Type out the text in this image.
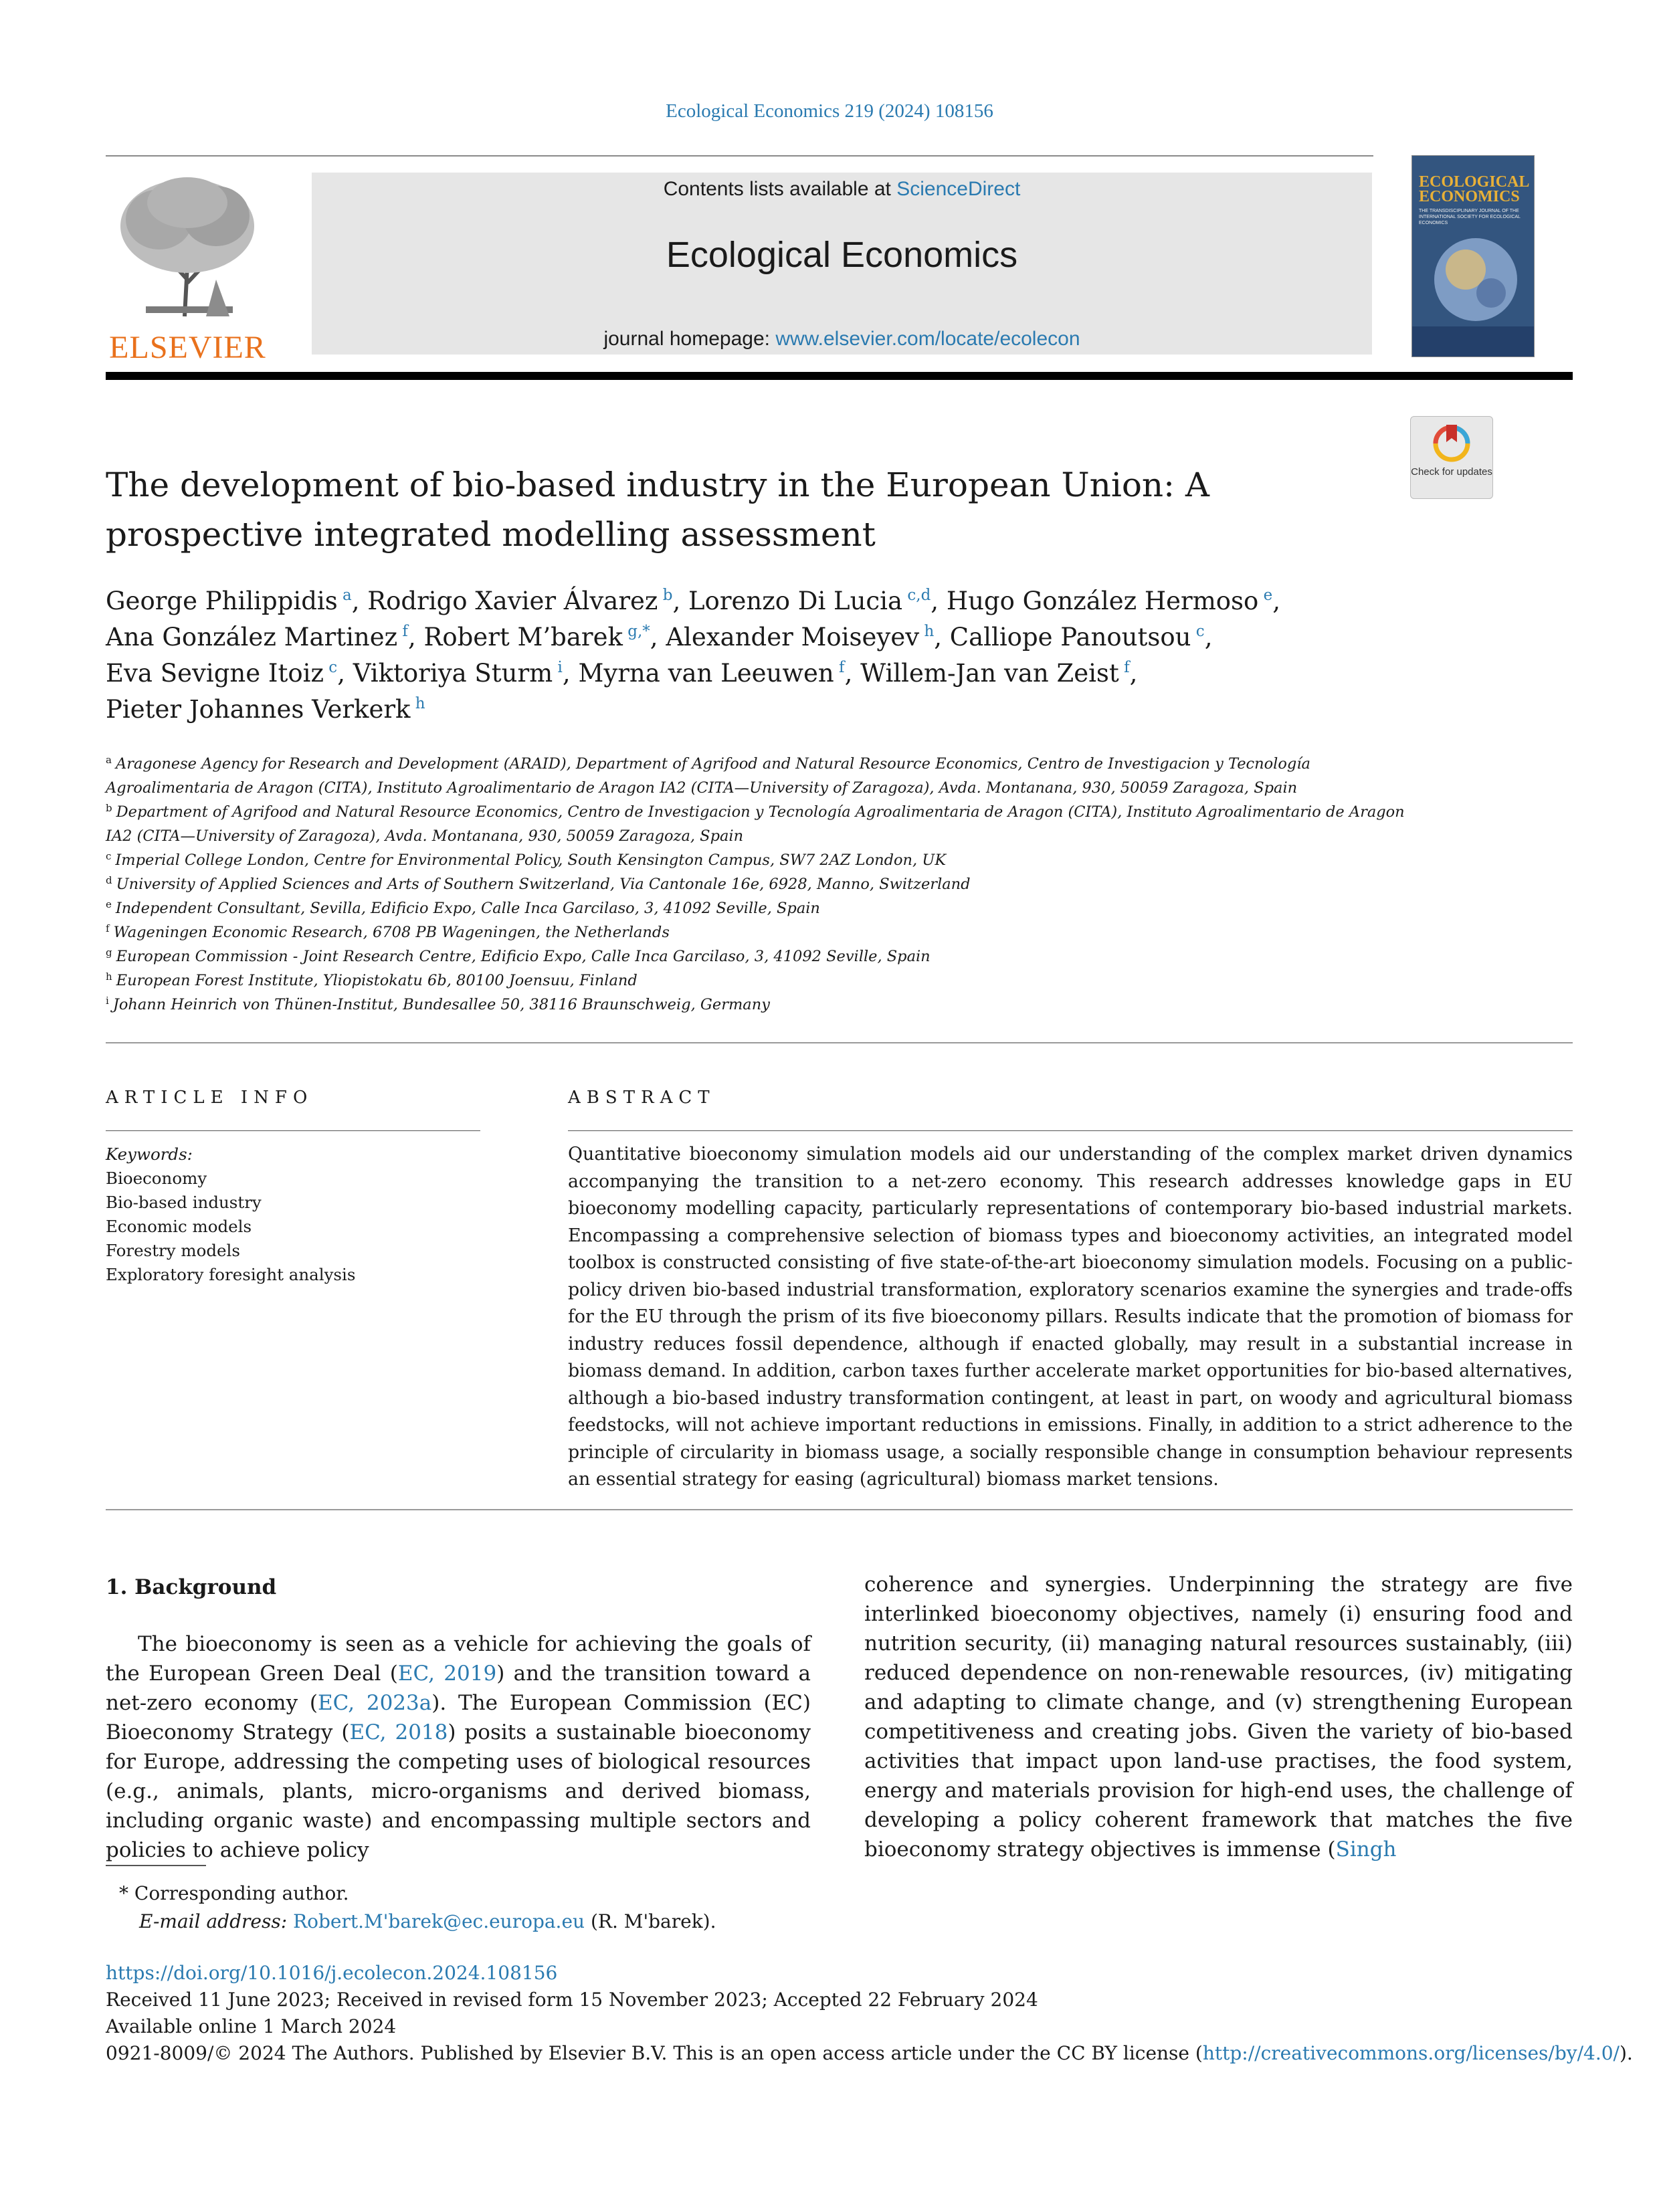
Ecological Economics 219 (2024) 108156
ELSEVIER
Contents lists available at ScienceDirect
Ecological Economics
journal homepage: www.elsevier.com/locate/ecolecon
ECOLOGICAL
ECONOMICS
THE TRANSDISCIPLINARY JOURNAL OF THE INTERNATIONAL SOCIETY FOR ECOLOGICAL ECONOMICS
Check for updates
The development of bio-based industry in the European Union: A prospective integrated modelling assessment
George Philippidis $^a$, Rodrigo Xavier Álvarez $^b$, Lorenzo Di Lucia $^{c,d}$, Hugo González Hermoso $^e$,
Ana González Martinez $^f$, Robert M’barek $^{g,*}$, Alexander Moiseyev $^h$, Calliope Panoutsou $^c$,
Eva Sevigne Itoiz $^c$, Viktoriya Sturm $^i$, Myrna van Leeuwen $^f$, Willem-Jan van Zeist $^f$,
Pieter Johannes Verkerk $^h$
$^a$ Aragonese Agency for Research and Development (ARAID), Department of Agrifood and Natural Resource Economics, Centro de Investigacion y Tecnología
Agroalimentaria de Aragon (CITA), Instituto Agroalimentario de Aragon IA2 (CITA—University of Zaragoza), Avda. Montanana, 930, 50059 Zaragoza, Spain
$^b$ Department of Agrifood and Natural Resource Economics, Centro de Investigacion y Tecnología Agroalimentaria de Aragon (CITA), Instituto Agroalimentario de Aragon
IA2 (CITA—University of Zaragoza), Avda. Montanana, 930, 50059 Zaragoza, Spain
$^c$ Imperial College London, Centre for Environmental Policy, South Kensington Campus, SW7 2AZ London, UK
$^d$ University of Applied Sciences and Arts of Southern Switzerland, Via Cantonale 16e, 6928, Manno, Switzerland
$^e$ Independent Consultant, Sevilla, Edificio Expo, Calle Inca Garcilaso, 3, 41092 Seville, Spain
$^f$ Wageningen Economic Research, 6708 PB Wageningen, the Netherlands
$^g$ European Commission - Joint Research Centre, Edificio Expo, Calle Inca Garcilaso, 3, 41092 Seville, Spain
$^h$ European Forest Institute, Yliopistokatu 6b, 80100 Joensuu, Finland
$^i$ Johann Heinrich von Thünen-Institut, Bundesallee 50, 38116 Braunschweig, Germany
ARTICLE INFO
Keywords:
Bioeconomy
Bio-based industry
Economic models
Forestry models
Exploratory foresight analysis
ABSTRACT
Quantitative bioeconomy simulation models aid our understanding of the complex market driven dynamics accompanying the transition to a net-zero economy. This research addresses knowledge gaps in EU bioeconomy modelling capacity, particularly representations of contemporary bio-based industrial markets. Encompassing a comprehensive selection of biomass types and bioeconomy activities, an integrated model toolbox is constructed consisting of five state-of-the-art bioeconomy simulation models. Focusing on a public-policy driven bio-based industrial transformation, exploratory scenarios examine the synergies and trade-offs for the EU through the prism of its five bioeconomy pillars. Results indicate that the promotion of biomass for industry reduces fossil dependence, although if enacted globally, may result in a substantial increase in biomass demand. In addition, carbon taxes further accelerate market opportunities for bio-based alternatives, although a bio-based industry transformation contingent, at least in part, on woody and agricultural biomass feedstocks, will not achieve important reductions in emissions. Finally, in addition to a strict adherence to the principle of circularity in biomass usage, a socially responsible change in consumption behaviour represents an essential strategy for easing (agricultural) biomass market tensions.
1. Background
The bioeconomy is seen as a vehicle for achieving the goals of the European Green Deal (EC, 2019) and the transition toward a net-zero economy (EC, 2023a). The European Commission (EC) Bioeconomy Strategy (EC, 2018) posits a sustainable bioeconomy for Europe, addressing the competing uses of biological resources (e.g., animals, plants, micro-organisms and derived biomass, including organic waste) and encompassing multiple sectors and policies to achieve policy
coherence and synergies. Underpinning the strategy are five interlinked bioeconomy objectives, namely (i) ensuring food and nutrition security, (ii) managing natural resources sustainably, (iii) reduced dependence on non-renewable resources, (iv) mitigating and adapting to climate change, and (v) strengthening European competitiveness and creating jobs. Given the variety of bio-based activities that impact upon land-use practises, the food system, energy and materials provision for high-end uses, the challenge of developing a policy coherent framework that matches the five bioeconomy strategy objectives is immense (Singh
* Corresponding author.
E-mail address: Robert.M'barek@ec.europa.eu (R. M'barek).
https://doi.org/10.1016/j.ecolecon.2024.108156
Received 11 June 2023; Received in revised form 15 November 2023; Accepted 22 February 2024
Available online 1 March 2024
0921-8009/© 2024 The Authors. Published by Elsevier B.V. This is an open access article under the CC BY license (http://creativecommons.org/licenses/by/4.0/).
